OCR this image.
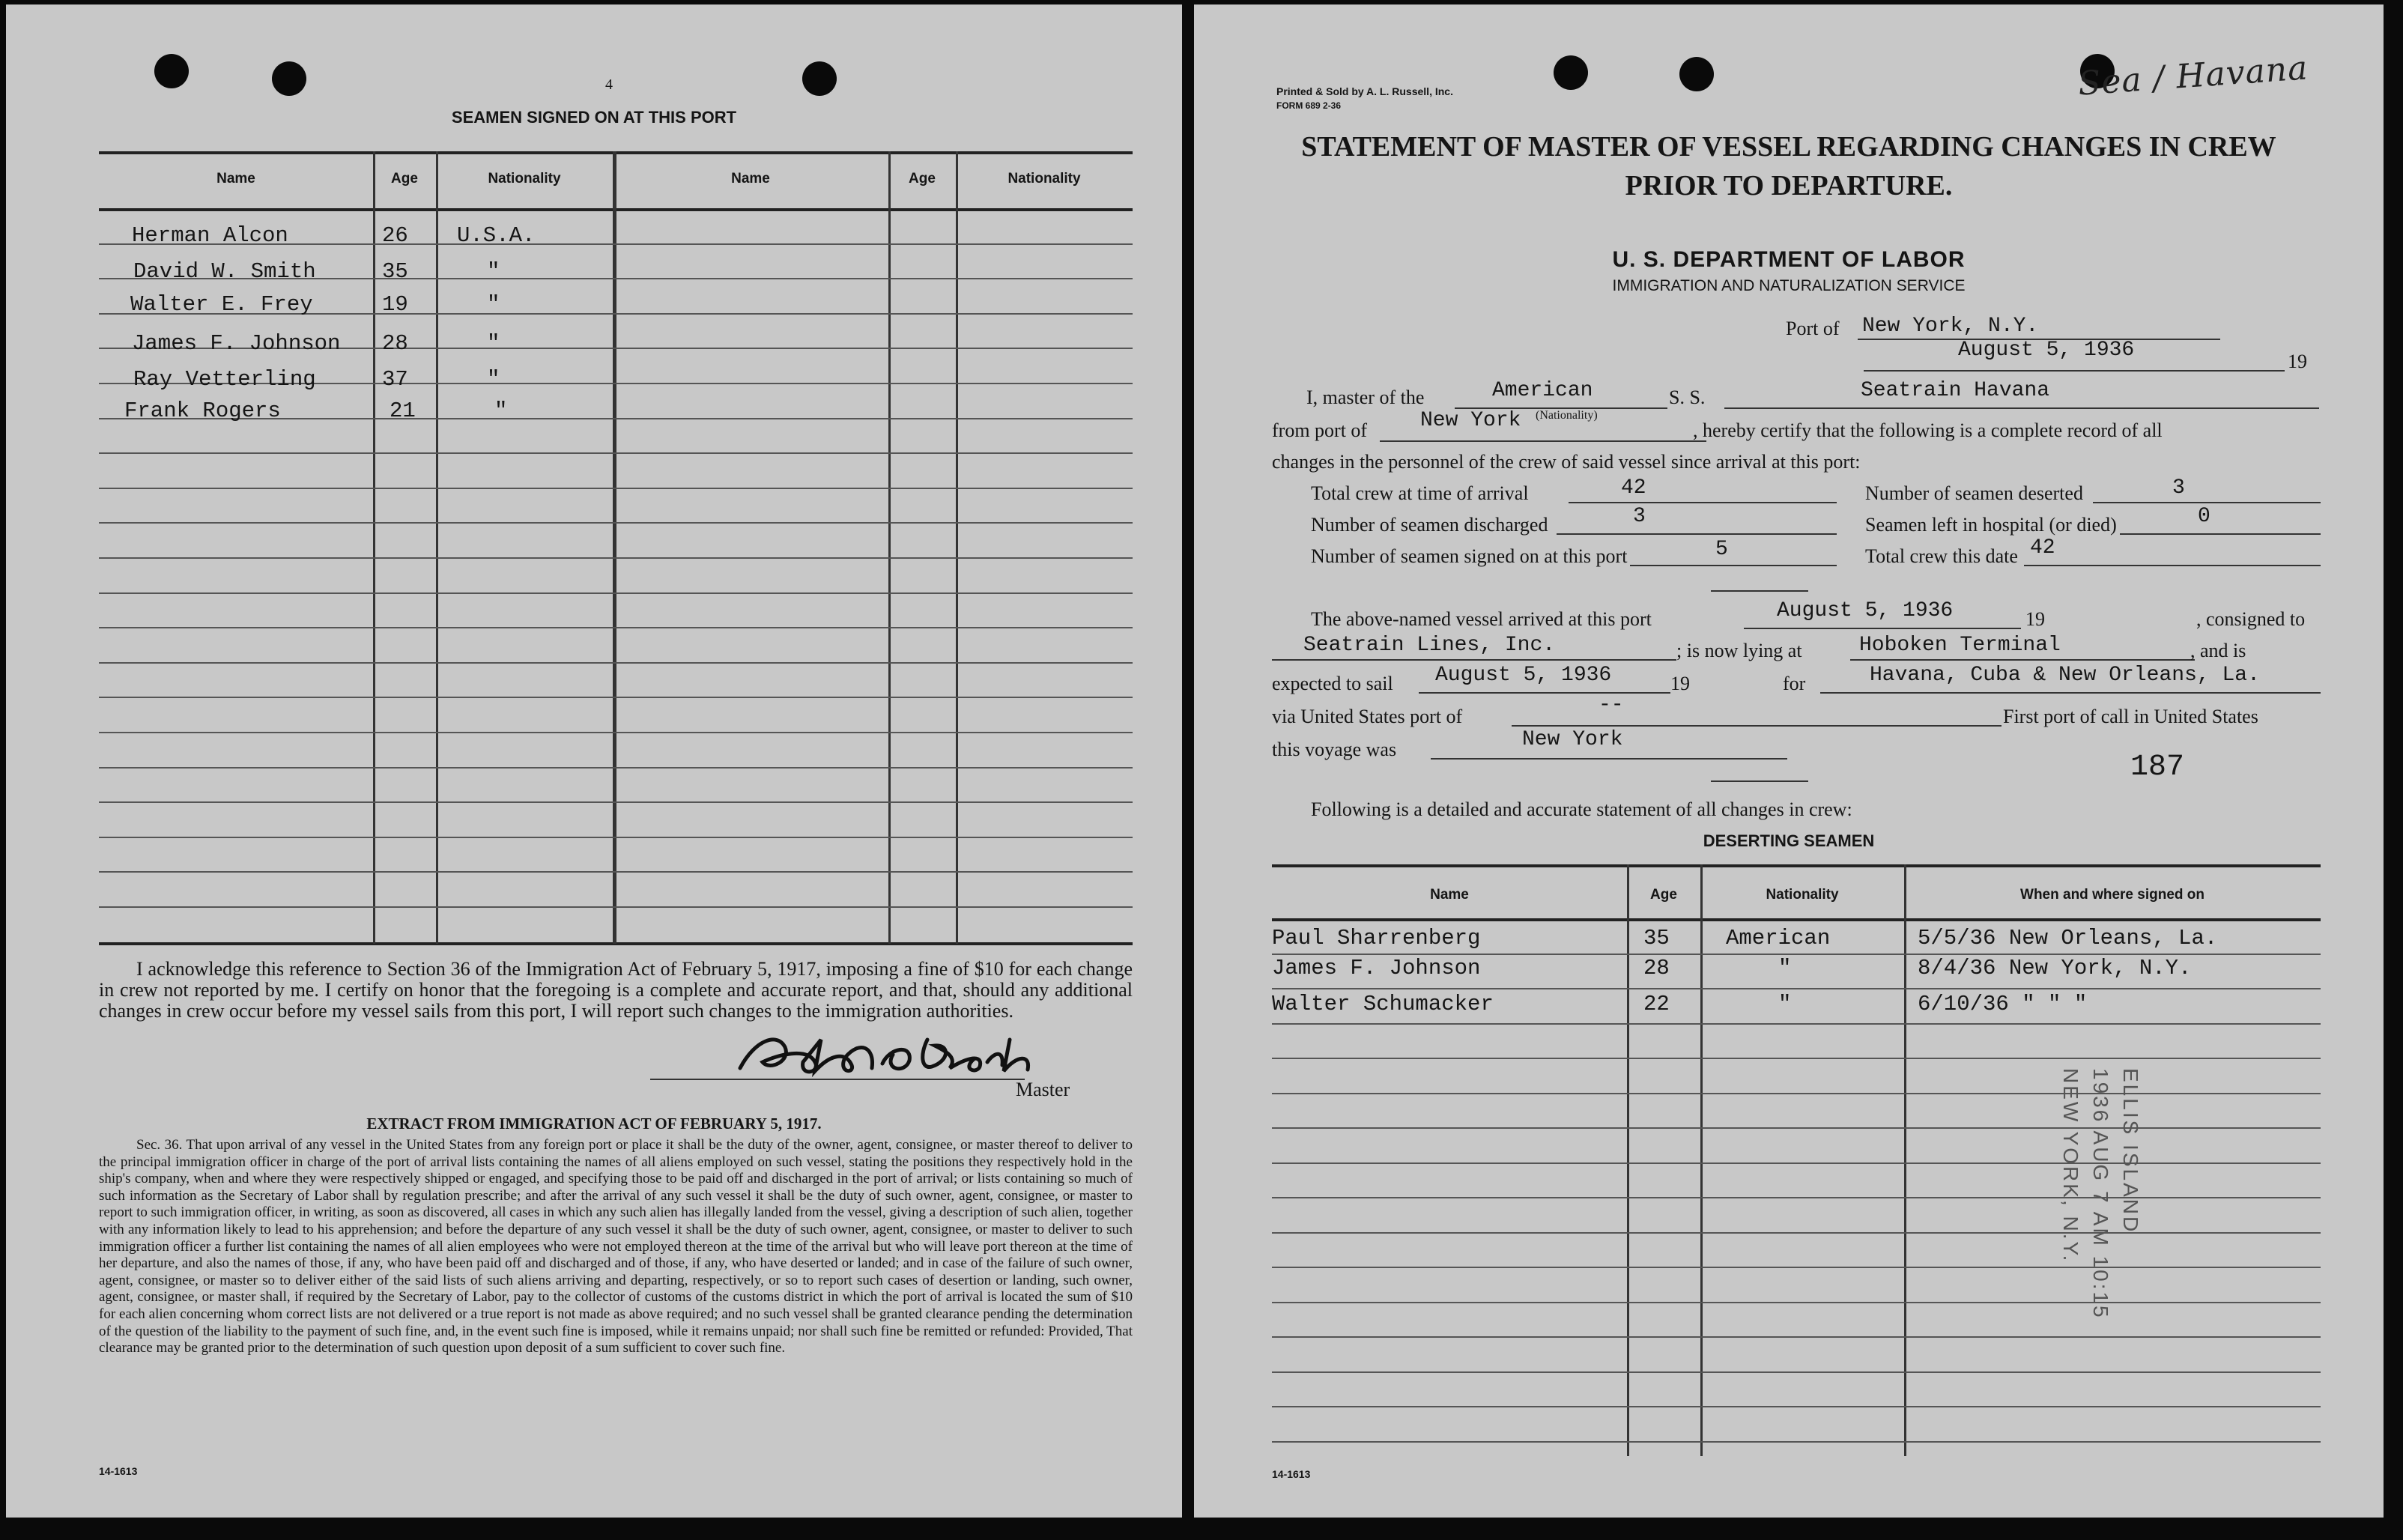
4
SEAMEN SIGNED ON AT THIS PORT
Name	Age	Nationality	Name	Age	Nationality
Herman Alcon	26 U.S.A.
David W. Smith	35	"
Walter E. Frey	19	"
James F. Johnson 28	"
Ray Vetterling	37	"
Frank Rogers	21	"
I acknowledge this reference to Section 36 of the Immigration Act of February 5, 1917, imposing a fine of $10 for each change in crew not reported by me. I certify on honor that the foregoing is a complete and accurate report, and that, should any additional changes in crew occur before my vessel sails from this port, I will report such changes to the immigration authorities.
Master
EXTRACT FROM IMMIGRATION ACT OF FEBRUARY 5, 1917.
Sec. 36. That upon arrival of any vessel in the United States from any foreign port or place it shall be the duty of the owner, agent, consignee, or master thereof to deliver to the principal immigration officer in charge of the port of arrival lists containing the names of all aliens employed on such vessel, stating the positions they respectively hold in the ship's company, when and where they were respectively shipped or engaged, and specifying those to be paid off and discharged in the port of arrival; or lists containing so much of such information as the Secretary of Labor shall by regulation prescribe; and after the arrival of any such vessel it shall be the duty of such owner, agent, consignee, or master to report to such immigration officer, in writing, as soon as discovered, all cases in which any such alien has illegally landed from the vessel, giving a description of such alien, together with any information likely to lead to his apprehension; and before the departure of any such vessel it shall be the duty of such owner, agent, consignee, or master to deliver to such immigration officer a further list containing the names of all alien employees who were not employed thereon at the time of the arrival but who will leave port thereon at the time of her departure, and also the names of those, if any, who have been paid off and discharged and of those, if any, who have deserted or landed; and in case of the failure of such owner, agent, consignee, or master so to deliver either of the said lists of such aliens arriving and departing, respectively, or so to report such cases of desertion or landing, such owner, agent, consignee, or master shall, if required by the Secretary of Labor, pay to the collector of customs of the customs district in which the port of arrival is located the sum of $10 for each alien concerning whom correct lists are not delivered or a true report is not made as above required; and no such vessel shall be granted clearance pending the determination of the question of the liability to the payment of such fine, and, in the event such fine is imposed, while it remains unpaid; nor shall such fine be remitted or refunded: Provided, That clearance may be granted prior to the determination of such question upon deposit of a sum sufficient to cover such fine.
14-1613
Printed & Sold by A. L. Russell, Inc.
FORM 689 2-36
Sea / Havana
STATEMENT OF MASTER OF VESSEL REGARDING CHANGES IN CREW
PRIOR TO DEPARTURE.
U. S. DEPARTMENT OF LABOR
IMMIGRATION AND NATURALIZATION SERVICE
Port of New York, N.Y.
August 5, 1936	19
I, master of the	American	S. S.	Seatrain Havana
from port of	New York (Nationality)
, hereby certify that the following is a complete record of all
changes in the personnel of the crew of said vessel since arrival at this port:
Total crew at time of arrival	42
Number of seamen discharged	3
Number of seamen signed on at this port	5
Number of seamen deserted	3
Seamen left in hospital (or died)	0
Total crew this date 42
The above-named vessel arrived at this port	August 5, 1936	19	, consigned to
Seatrain Lines, Inc.	; is now lying at	Hoboken Terminal	, and is
expected to sail August 5, 1936	19	for	Havana, Cuba & New Orleans, La.
via United States port of	--	First port of call in United States
this voyage was	New York
187
Following is a detailed and accurate statement of all changes in crew:
DESERTING SEAMEN
Name	Age	Nationality	When and where signed on
Paul Sharrenberg	35	American	5/5/36 New Orleans, La.
James F. Johnson	28	"	8/4/36 New York, N.Y.
Walter Schumacker	22	"	6/10/36 " " "
ELLIS ISLAND
1936 AUG 7 AM 10:15
NEW YORK, N.Y.
14-1613
